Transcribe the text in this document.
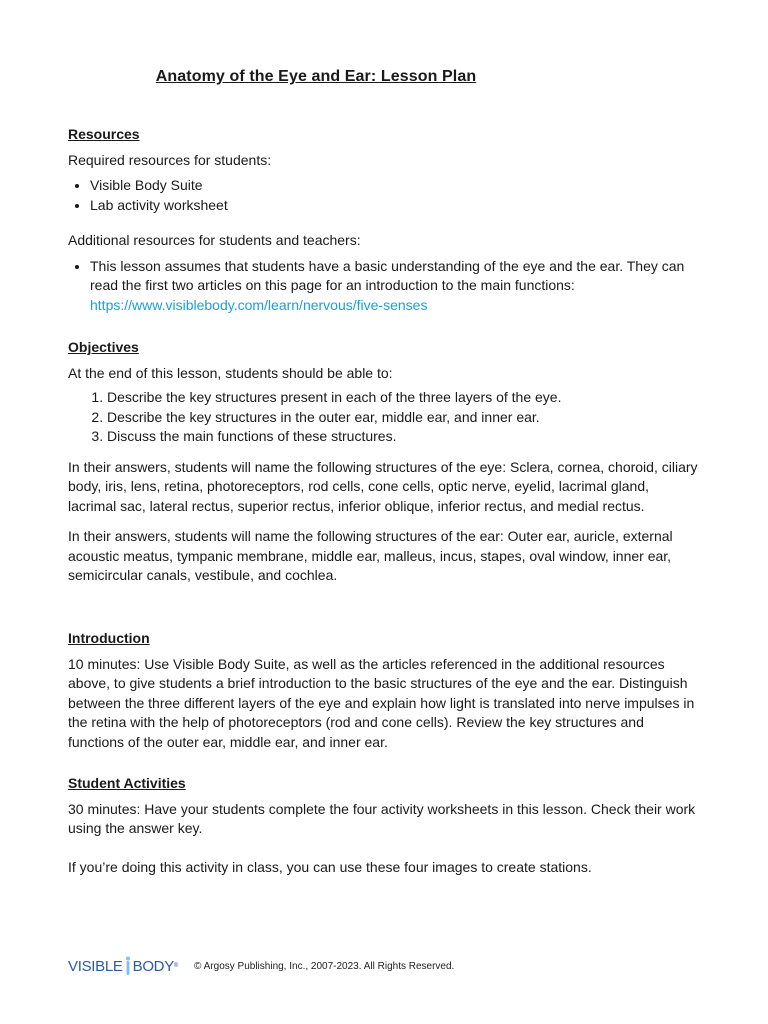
Anatomy of the Eye and Ear: Lesson Plan
Resources
Required resources for students:
• Visible Body Suite
• Lab activity worksheet
Additional resources for students and teachers:
• This lesson assumes that students have a basic understanding of the eye and the ear. They can read the first two articles on this page for an introduction to the main functions: https://www.visiblebody.com/learn/nervous/five-senses
Objectives
At the end of this lesson, students should be able to:
1. Describe the key structures present in each of the three layers of the eye.
2. Describe the key structures in the outer ear, middle ear, and inner ear.
3. Discuss the main functions of these structures.
In their answers, students will name the following structures of the eye: Sclera, cornea, choroid, ciliary body, iris, lens, retina, photoreceptors, rod cells, cone cells, optic nerve, eyelid, lacrimal gland, lacrimal sac, lateral rectus, superior rectus, inferior oblique, inferior rectus, and medial rectus.
In their answers, students will name the following structures of the ear: Outer ear, auricle, external acoustic meatus, tympanic membrane, middle ear, malleus, incus, stapes, oval window, inner ear, semicircular canals, vestibule, and cochlea.
Introduction
10 minutes: Use Visible Body Suite, as well as the articles referenced in the additional resources above, to give students a brief introduction to the basic structures of the eye and the ear. Distinguish between the three different layers of the eye and explain how light is translated into nerve impulses in the retina with the help of photoreceptors (rod and cone cells). Review the key structures and functions of the outer ear, middle ear, and inner ear.
Student Activities
30 minutes: Have your students complete the four activity worksheets in this lesson. Check their work using the answer key.
If you’re doing this activity in class, you can use these four images to create stations.
VISIBLE BODY ® © Argosy Publishing, Inc., 2007-2023. All Rights Reserved.
